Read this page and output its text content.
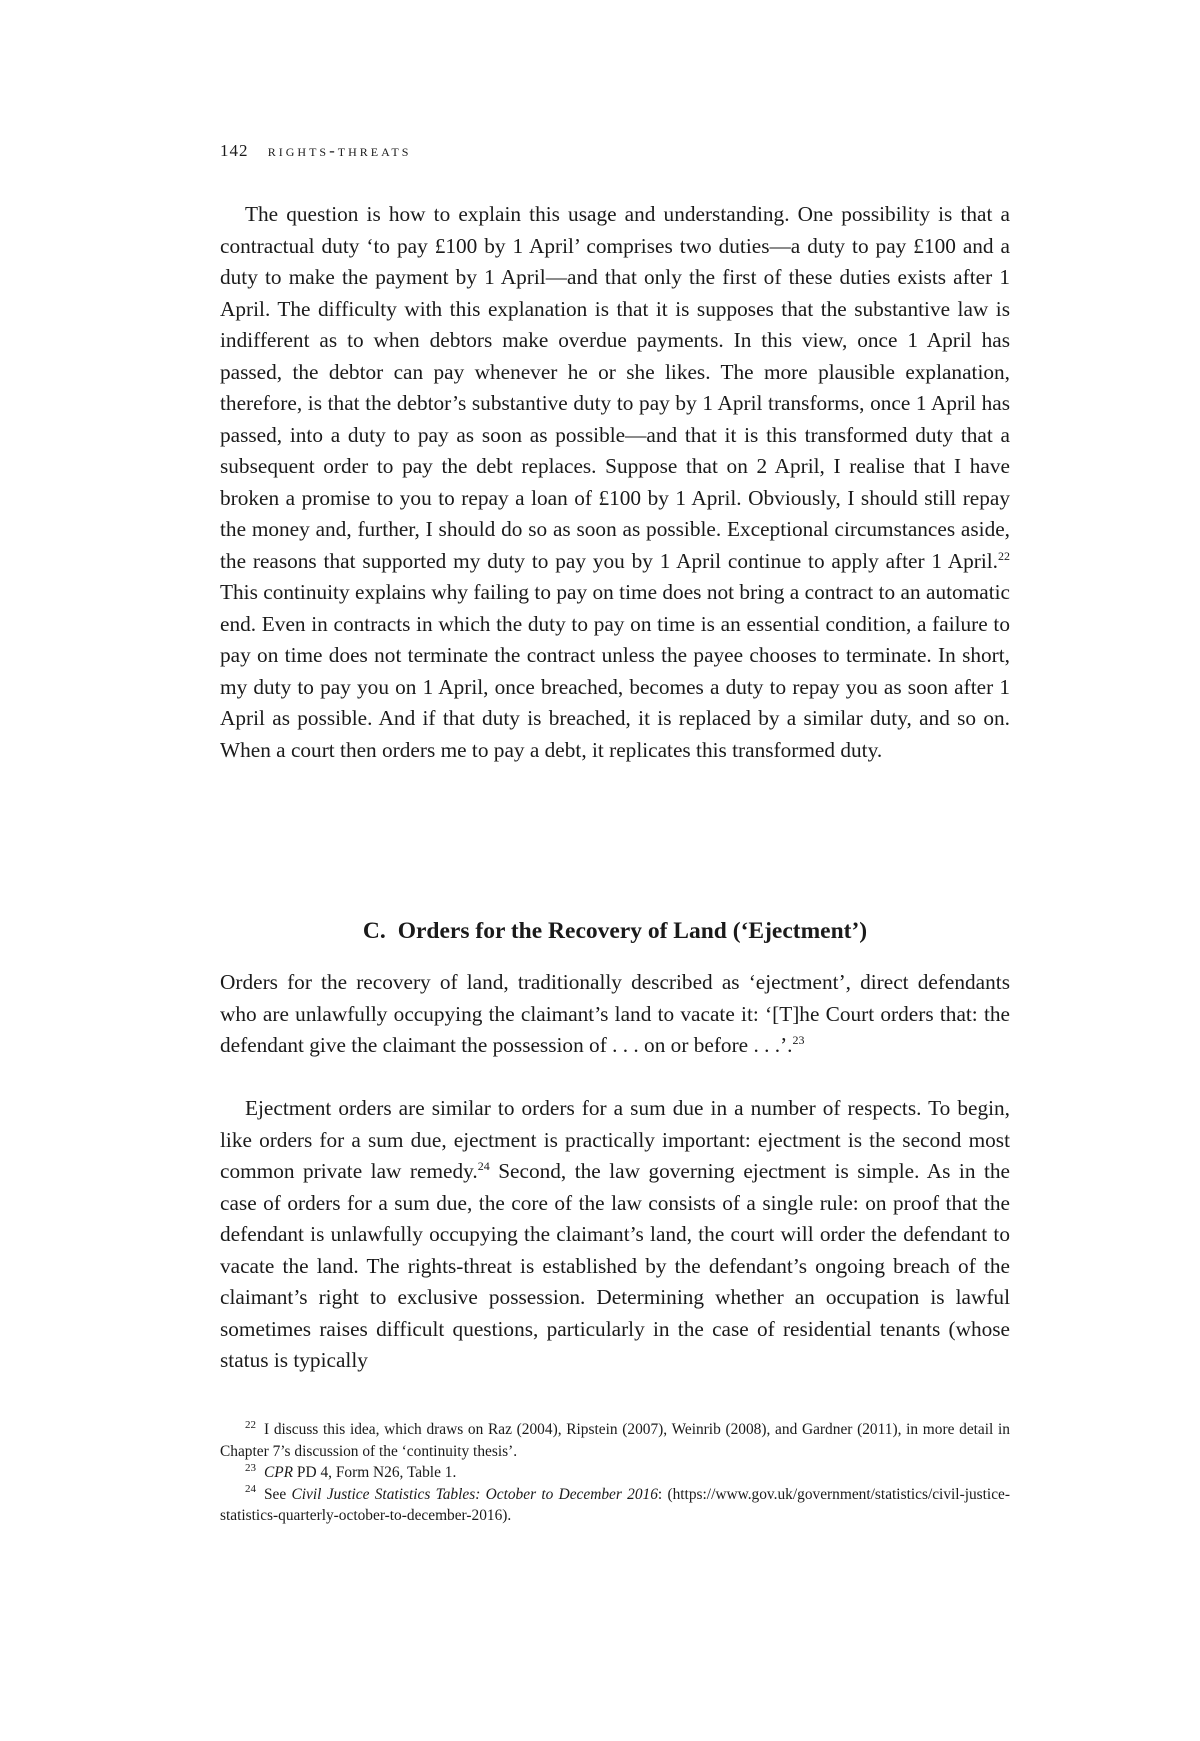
142 rights-threats

The question is how to explain this usage and understanding. One possibility is that a contractual duty ‘to pay £100 by 1 April’ comprises two duties—a duty to pay £100 and a duty to make the payment by 1 April—and that only the first of these duties exists after 1 April. The difficulty with this explanation is that it is supposes that the substantive law is indifferent as to when debtors make overdue payments. In this view, once 1 April has passed, the debtor can pay whenever he or she likes. The more plausible explanation, therefore, is that the debtor’s substantive duty to pay by 1 April transforms, once 1 April has passed, into a duty to pay as soon as possible—and that it is this transformed duty that a subsequent order to pay the debt replaces. Suppose that on 2 April, I realise that I have broken a promise to you to repay a loan of £100 by 1 April. Obviously, I should still repay the money and, further, I should do so as soon as possible. Exceptional circumstances aside, the reasons that supported my duty to pay you by 1 April continue to apply after 1 April.$^{22}$ This continuity explains why failing to pay on time does not bring a contract to an automatic end. Even in contracts in which the duty to pay on time is an essential condition, a failure to pay on time does not terminate the contract unless the payee chooses to terminate. In short, my duty to pay you on 1 April, once breached, becomes a duty to repay you as soon after 1 April as possible. And if that duty is breached, it is replaced by a similar duty, and so on. When a court then orders me to pay a debt, it replicates this transformed duty.

C. Orders for the Recovery of Land (‘Ejectment’)

Orders for the recovery of land, traditionally described as ‘ejectment’, direct defendants who are unlawfully occupying the claimant’s land to vacate it: ‘[T]he Court orders that: the defendant give the claimant the possession of . . . on or before . . .’.$^{23}$

Ejectment orders are similar to orders for a sum due in a number of respects. To begin, like orders for a sum due, ejectment is practically important: ejectment is the second most common private law remedy.$^{24}$ Second, the law governing ejectment is simple. As in the case of orders for a sum due, the core of the law consists of a single rule: on proof that the defendant is unlawfully occupying the claimant’s land, the court will order the defendant to vacate the land. The rights-threat is established by the defendant’s ongoing breach of the claimant’s right to exclusive possession. Determining whether an occupation is lawful sometimes raises difficult questions, particularly in the case of residential tenants (whose status is typically

$^{22}$ I discuss this idea, which draws on Raz (2004), Ripstein (2007), Weinrib (2008), and Gardner (2011), in more detail in Chapter 7’s discussion of the ‘continuity thesis’.

$^{23}$ CPR PD 4, Form N26, Table 1.

$^{24}$ See Civil Justice Statistics Tables: October to December 2016: (https://www.gov.uk/government/statistics/civil-justice-statistics-quarterly-october-to-december-2016).
